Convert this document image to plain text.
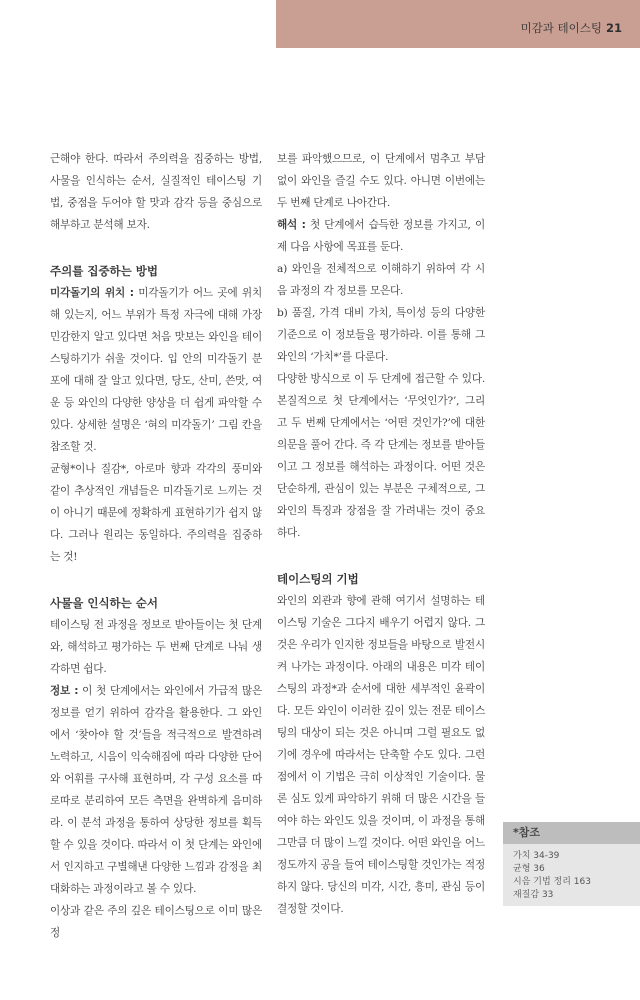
미감과 테이스팅 21

근해야 한다. 따라서 주의력을 집중하는 방법, 사물을 인식하는 순서, 실질적인 테이스팅 기법, 중점을 두어야 할 맛과 감각 등을 중심으로 해부하고 분석해 보자.

주의를 집중하는 방법

미각돌기의 위치 : 미각돌기가 어느 곳에 위치해 있는지, 어느 부위가 특정 자극에 대해 가장 민감한지 알고 있다면 처음 맛보는 와인을 테이스팅하기가 쉬울 것이다. 입 안의 미각돌기 분포에 대해 잘 알고 있다면, 당도, 산미, 쓴맛, 여운 등 와인의 다양한 양상을 더 쉽게 파악할 수 있다. 상세한 설명은 ‘혀의 미각돌기’ 그림 칸을 참조할 것.

균형*이나 질감*, 아로마 향과 각각의 풍미와 같이 추상적인 개념들은 미각돌기로 느끼는 것이 아니기 때문에 정확하게 표현하기가 쉽지 않다. 그러나 원리는 동일하다. 주의력을 집중하는 것!

사물을 인식하는 순서

테이스팅 전 과정을 정보로 받아들이는 첫 단계와, 해석하고 평가하는 두 번째 단계로 나눠 생각하면 쉽다.

정보 : 이 첫 단계에서는 와인에서 가급적 많은 정보를 얻기 위하여 감각을 활용한다. 그 와인에서 ‘찾아야 할 것’들을 적극적으로 발견하려 노력하고, 시음이 익숙해짐에 따라 다양한 단어와 어휘를 구사해 표현하며, 각 구성 요소를 따로따로 분리하여 모든 측면을 완벽하게 음미하라. 이 분석 과정을 통하여 상당한 정보를 획득할 수 있을 것이다. 따라서 이 첫 단계는 와인에서 인지하고 구별해낸 다양한 느낌과 감정을 최대화하는 과정이라고 볼 수 있다.

이상과 같은 주의 깊은 테이스팅으로 이미 많은 정

보를 파악했으므로, 이 단계에서 멈추고 부담 없이 와인을 즐길 수도 있다. 아니면 이번에는 두 번째 단계로 나아간다.

해석 : 첫 단계에서 습득한 정보를 가지고, 이제 다음 사항에 목표를 둔다.

a) 와인을 전체적으로 이해하기 위하여 각 시음 과정의 각 정보를 모은다.

b) 품질, 가격 대비 가치, 특이성 등의 다양한 기준으로 이 정보들을 평가하라. 이를 통해 그 와인의 ‘가치*’를 다룬다.

다양한 방식으로 이 두 단계에 접근할 수 있다. 본질적으로 첫 단계에서는 ‘무엇인가?’, 그리고 두 번째 단계에서는 ‘어떤 것인가?’에 대한 의문을 풀어 간다. 즉 각 단계는 정보를 받아들이고 그 정보를 해석하는 과정이다. 어떤 것은 단순하게, 관심이 있는 부분은 구체적으로, 그 와인의 특징과 장점을 잘 가려내는 것이 중요하다.

테이스팅의 기법

와인의 외관과 향에 관해 여기서 설명하는 테이스팅 기술은 그다지 배우기 어렵지 않다. 그것은 우리가 인지한 정보들을 바탕으로 발전시켜 나가는 과정이다. 아래의 내용은 미각 테이스팅의 과정*과 순서에 대한 세부적인 윤곽이다. 모든 와인이 이러한 깊이 있는 전문 테이스팅의 대상이 되는 것은 아니며 그럴 필요도 없기에 경우에 따라서는 단축할 수도 있다. 그런 점에서 이 기법은 극히 이상적인 기술이다. 물론 심도 있게 파악하기 위해 더 많은 시간을 들여야 하는 와인도 있을 것이며, 이 과정을 통해 그만큼 더 많이 느낄 것이다. 어떤 와인을 어느 정도까지 공을 들여 테이스팅할 것인가는 적정하지 않다. 당신의 미각, 시간, 흥미, 관심 등이 결정할 것이다.

*참조
가치 34-39
균형 36
시음 기법 정리 163
재질감 33
